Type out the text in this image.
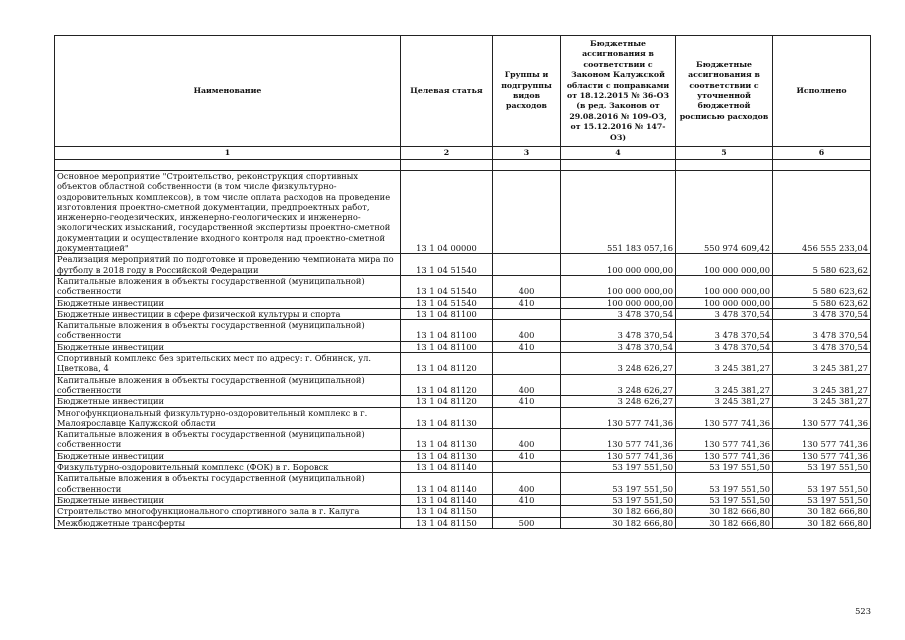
Наименование	Целевая статья	Группы и подгруппы видов расходов	Бюджетные ассигнования в соответствии с Законом Калужской области с поправками от 18.12.2015 № 36-ОЗ (в ред. Законов от 29.08.2016 № 109-ОЗ, от 15.12.2016 № 147-ОЗ)	Бюджетные ассигнования в соответствии с уточненной бюджетной росписью расходов	Исполнено
1	2	3	4	5	6

Основное мероприятие "Строительство, реконструкция спортивных объектов областной собственности (в том числе физкультурно-оздоровительных комплексов), в том числе оплата расходов на проведение изготовления проектно-сметной документации, предпроектных работ, инженерно-геодезических, инженерно-геологических и инженерно-экологических изысканий, государственной экспертизы проектно-сметной документации и осуществление входного контроля над проектно-сметной документацией"	13 1 04 00000		551 183 057,16	550 974 609,42	456 555 233,04
Реализация мероприятий по подготовке и проведению чемпионата мира по футболу в 2018 году в Российской Федерации	13 1 04 51540		100 000 000,00	100 000 000,00	5 580 623,62
Капитальные вложения в объекты государственной (муниципальной) собственности	13 1 04 51540	400	100 000 000,00	100 000 000,00	5 580 623,62
Бюджетные инвестиции	13 1 04 51540	410	100 000 000,00	100 000 000,00	5 580 623,62
Бюджетные инвестиции в сфере физической культуры и спорта	13 1 04 81100		3 478 370,54	3 478 370,54	3 478 370,54
Капитальные вложения в объекты государственной (муниципальной) собственности	13 1 04 81100	400	3 478 370,54	3 478 370,54	3 478 370,54
Бюджетные инвестиции	13 1 04 81100	410	3 478 370,54	3 478 370,54	3 478 370,54
Спортивный комплекс без зрительских мест по адресу: г. Обнинск, ул. Цветкова, 4	13 1 04 81120		3 248 626,27	3 245 381,27	3 245 381,27
Капитальные вложения в объекты государственной (муниципальной) собственности	13 1 04 81120	400	3 248 626,27	3 245 381,27	3 245 381,27
Бюджетные инвестиции	13 1 04 81120	410	3 248 626,27	3 245 381,27	3 245 381,27
Многофункциональный физкультурно-оздоровительный комплекс в г. Малоярославце Калужской области	13 1 04 81130		130 577 741,36	130 577 741,36	130 577 741,36
Капитальные вложения в объекты государственной (муниципальной) собственности	13 1 04 81130	400	130 577 741,36	130 577 741,36	130 577 741,36
Бюджетные инвестиции	13 1 04 81130	410	130 577 741,36	130 577 741,36	130 577 741,36
Физкультурно-оздоровительный комплекс (ФОК) в г. Боровск	13 1 04 81140		53 197 551,50	53 197 551,50	53 197 551,50
Капитальные вложения в объекты государственной (муниципальной) собственности	13 1 04 81140	400	53 197 551,50	53 197 551,50	53 197 551,50
Бюджетные инвестиции	13 1 04 81140	410	53 197 551,50	53 197 551,50	53 197 551,50
Строительство многофункционального спортивного зала в г. Калуга	13 1 04 81150		30 182 666,80	30 182 666,80	30 182 666,80
Межбюджетные трансферты	13 1 04 81150	500	30 182 666,80	30 182 666,80	30 182 666,80
523
